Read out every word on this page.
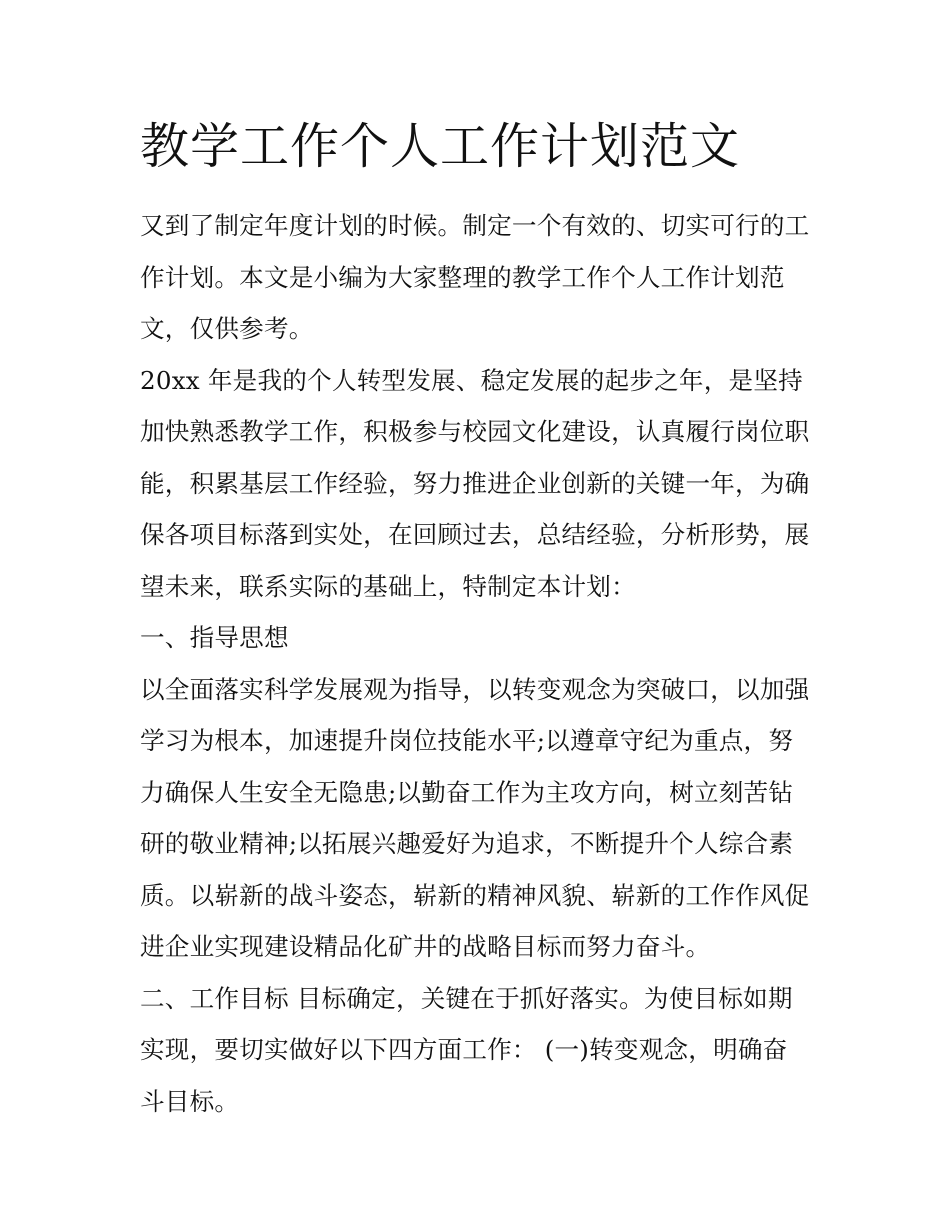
教学工作个人工作计划范文

又到了制定年度计划的时候。制定一个有效的、切实可行的工

作计划。本文是小编为大家整理的教学工作个人工作计划范

文，仅供参考。

20xx 年是我的个人转型发展、稳定发展的起步之年，是坚持

加快熟悉教学工作，积极参与校园文化建设，认真履行岗位职

能，积累基层工作经验，努力推进企业创新的关键一年，为确

保各项目标落到实处，在回顾过去，总结经验，分析形势，展

望未来，联系实际的基础上，特制定本计划：

一、指导思想

以全面落实科学发展观为指导，以转变观念为突破口，以加强

学习为根本，加速提升岗位技能水平;以遵章守纪为重点，努

力确保人生安全无隐患;以勤奋工作为主攻方向，树立刻苦钻

研的敬业精神;以拓展兴趣爱好为追求，不断提升个人综合素

质。以崭新的战斗姿态，崭新的精神风貌、崭新的工作作风促

进企业实现建设精品化矿井的战略目标而努力奋斗。

二、工作目标 目标确定，关键在于抓好落实。为使目标如期

实现，要切实做好以下四方面工作： (一)转变观念，明确奋

斗目标。
